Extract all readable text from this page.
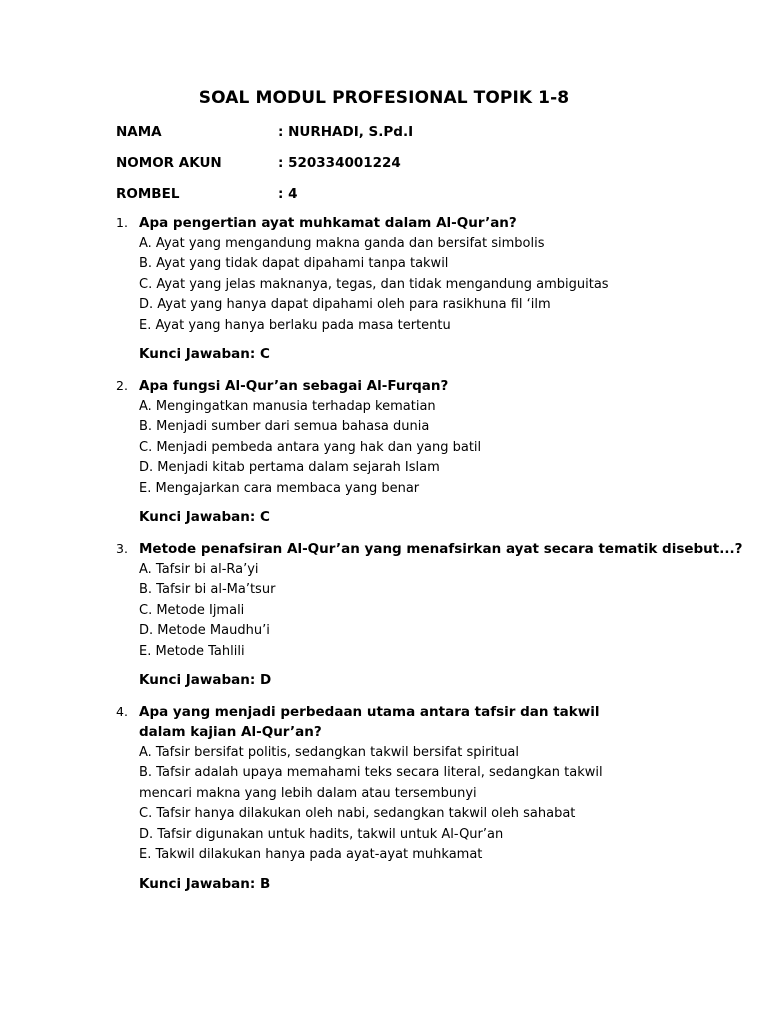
SOAL MODUL PROFESIONAL TOPIK 1-8
NAMA	: NURHADI, S.Pd.I
NOMOR AKUN	: 520334001224
ROMBEL	: 4
1. Apa pengertian ayat muhkamat dalam Al-Qur’an?
A. Ayat yang mengandung makna ganda dan bersifat simbolis
B. Ayat yang tidak dapat dipahami tanpa takwil
C. Ayat yang jelas maknanya, tegas, dan tidak mengandung ambiguitas
D. Ayat yang hanya dapat dipahami oleh para rasikhuna fil ‘ilm
E. Ayat yang hanya berlaku pada masa tertentu
Kunci Jawaban: C
2. Apa fungsi Al-Qur’an sebagai Al-Furqan?
A. Mengingatkan manusia terhadap kematian
B. Menjadi sumber dari semua bahasa dunia
C. Menjadi pembeda antara yang hak dan yang batil
D. Menjadi kitab pertama dalam sejarah Islam
E. Mengajarkan cara membaca yang benar
Kunci Jawaban: C
3. Metode penafsiran Al-Qur’an yang menafsirkan ayat secara tematik disebut...?
A. Tafsir bi al-Ra’yi
B. Tafsir bi al-Ma’tsur
C. Metode Ijmali
D. Metode Maudhu’i
E. Metode Tahlili
Kunci Jawaban: D
4. Apa yang menjadi perbedaan utama antara tafsir dan takwil dalam kajian Al-Qur’an?
A. Tafsir bersifat politis, sedangkan takwil bersifat spiritual
B. Tafsir adalah upaya memahami teks secara literal, sedangkan takwil mencari makna yang lebih dalam atau tersembunyi
C. Tafsir hanya dilakukan oleh nabi, sedangkan takwil oleh sahabat
D. Tafsir digunakan untuk hadits, takwil untuk Al-Qur’an
E. Takwil dilakukan hanya pada ayat-ayat muhkamat
Kunci Jawaban: B
